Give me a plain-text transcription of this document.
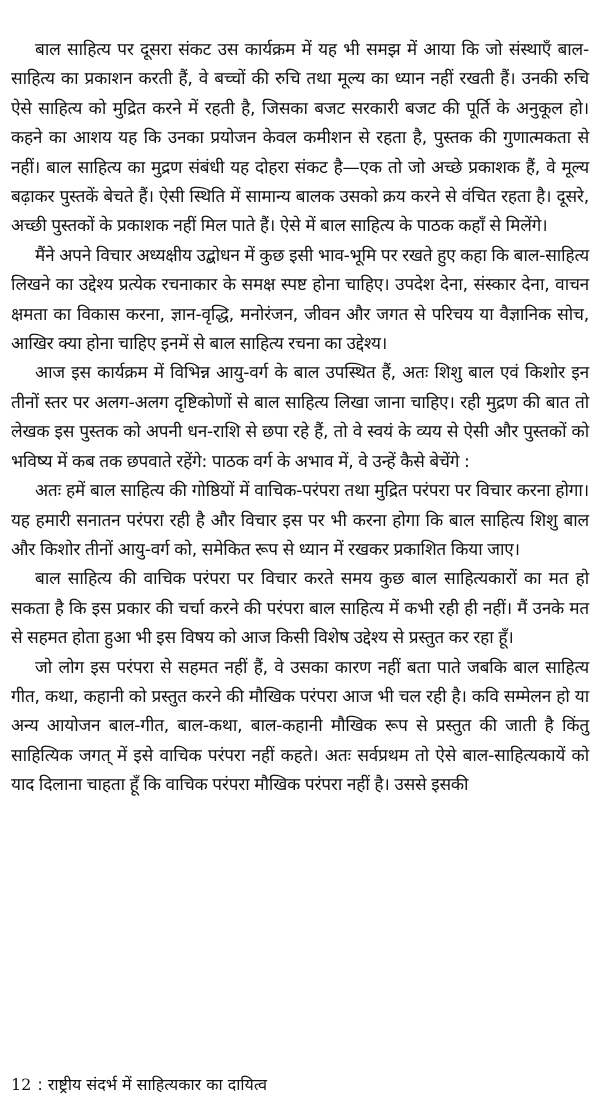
बाल साहित्य पर दूसरा संकट उस कार्यक्रम में यह भी समझ में आया कि जो संस्थाएँ बाल-साहित्य का प्रकाशन करती हैं, वे बच्चों की रुचि तथा मूल्य का ध्यान नहीं रखती हैं। उनकी रुचि ऐसे साहित्य को मुद्रित करने में रहती है, जिसका बजट सरकारी बजट की पूर्ति के अनुकूल हो। कहने का आशय यह कि उनका प्रयोजन केवल कमीशन से रहता है, पुस्तक की गुणात्मकता से नहीं। बाल साहित्य का मुद्रण संबंधी यह दोहरा संकट है—एक तो जो अच्छे प्रकाशक हैं, वे मूल्य बढ़ाकर पुस्तकें बेचते हैं। ऐसी स्थिति में सामान्य बालक उसको क्रय करने से वंचित रहता है। दूसरे, अच्छी पुस्तकों के प्रकाशक नहीं मिल पाते हैं। ऐसे में बाल साहित्य के पाठक कहाँ से मिलेंगे।

मैंने अपने विचार अध्यक्षीय उद्बोधन में कुछ इसी भाव-भूमि पर रखते हुए कहा कि बाल-साहित्य लिखने का उद्देश्य प्रत्येक रचनाकार के समक्ष स्पष्ट होना चाहिए। उपदेश देना, संस्कार देना, वाचन क्षमता का विकास करना, ज्ञान-वृद्धि, मनोरंजन, जीवन और जगत से परिचय या वैज्ञानिक सोच, आखिर क्या होना चाहिए इनमें से बाल साहित्य रचना का उद्देश्य।

आज इस कार्यक्रम में विभिन्न आयु-वर्ग के बाल उपस्थित हैं, अतः शिशु बाल एवं किशोर इन तीनों स्तर पर अलग-अलग दृष्टिकोणों से बाल साहित्य लिखा जाना चाहिए। रही मुद्रण की बात तो लेखक इस पुस्तक को अपनी धन-राशि से छपा रहे हैं, तो वे स्वयं के व्यय से ऐसी और पुस्तकों को भविष्य में कब तक छपवाते रहेंगे: पाठक वर्ग के अभाव में, वे उन्हें कैसे बेचेंगे :

अतः हमें बाल साहित्य की गोष्ठियों में वाचिक-परंपरा तथा मुद्रित परंपरा पर विचार करना होगा। यह हमारी सनातन परंपरा रही है और विचार इस पर भी करना होगा कि बाल साहित्य शिशु बाल और किशोर तीनों आयु-वर्ग को, समेकित रूप से ध्यान में रखकर प्रकाशित किया जाए।

बाल साहित्य की वाचिक परंपरा पर विचार करते समय कुछ बाल साहित्यकारों का मत हो सकता है कि इस प्रकार की चर्चा करने की परंपरा बाल साहित्य में कभी रही ही नहीं। मैं उनके मत से सहमत होता हुआ भी इस विषय को आज किसी विशेष उद्देश्य से प्रस्तुत कर रहा हूँ।

जो लोग इस परंपरा से सहमत नहीं हैं, वे उसका कारण नहीं बता पाते जबकि बाल साहित्य गीत, कथा, कहानी को प्रस्तुत करने की मौखिक परंपरा आज भी चल रही है। कवि सम्मेलन हो या अन्य आयोजन बाल-गीत, बाल-कथा, बाल-कहानी मौखिक रूप से प्रस्तुत की जाती है किंतु साहित्यिक जगत् में इसे वाचिक परंपरा नहीं कहते। अतः सर्वप्रथम तो ऐसे बाल-साहित्यकायें को याद दिलाना चाहता हूँ कि वाचिक परंपरा मौखिक परंपरा नहीं है। उससे इसकी

12 : राष्ट्रीय संदर्भ में साहित्यकार का दायित्व
